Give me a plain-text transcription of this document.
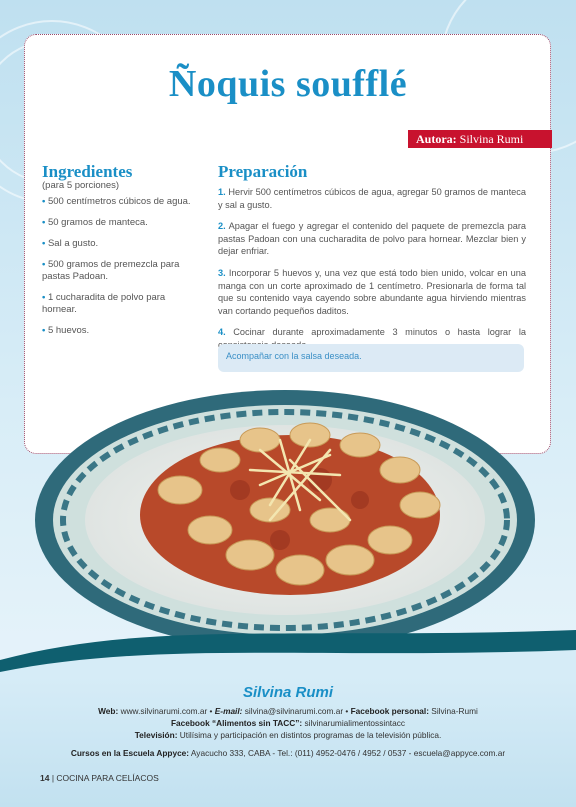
Ñoquis soufflé
Autora: Silvina Rumi
Ingredientes
(para 5 porciones)
• 500 centímetros cúbicos de agua.
• 50 gramos de manteca.
• Sal a gusto.
• 500 gramos de premezcla para pastas Padoan.
• 1 cucharadita de polvo para hornear.
• 5 huevos.
Preparación

1. Hervir 500 centímetros cúbicos de agua, agregar 50 gramos de manteca y sal a gusto.

2. Apagar el fuego y agregar el contenido del paquete de premezcla para pastas Padoan con una cucharadita de polvo para hornear. Mezclar bien y dejar enfriar.

3. Incorporar 5 huevos y, una vez que está todo bien unido, volcar en una manga con un corte aproximado de 1 centímetro. Presionarla de forma tal que su contenido vaya cayendo sobre abundante agua hirviendo mientras van cortando pequeños daditos.

4. Cocinar durante aproximadamente 3 minutos o hasta lograr la

Acompañar con la salsa deseada.
Silvina Rumi
Web: www.silvinarumi.com.ar • E-mail: silvina@silvinarumi.com.ar • Facebook personal: Silvina-Rumi
Facebook “Alimentos sin TACC”: silvinarumialimentossintacc
Televisión: Utilísima y participación en distintos programas de la televisión pública.
Cursos en la Escuela Appyce: Ayacucho 333, CABA - Tel.: (011) 4952-0476 / 4952 / 0537 - escuela@appyce.com.ar
14 | COCINA PARA CELÍACOS
